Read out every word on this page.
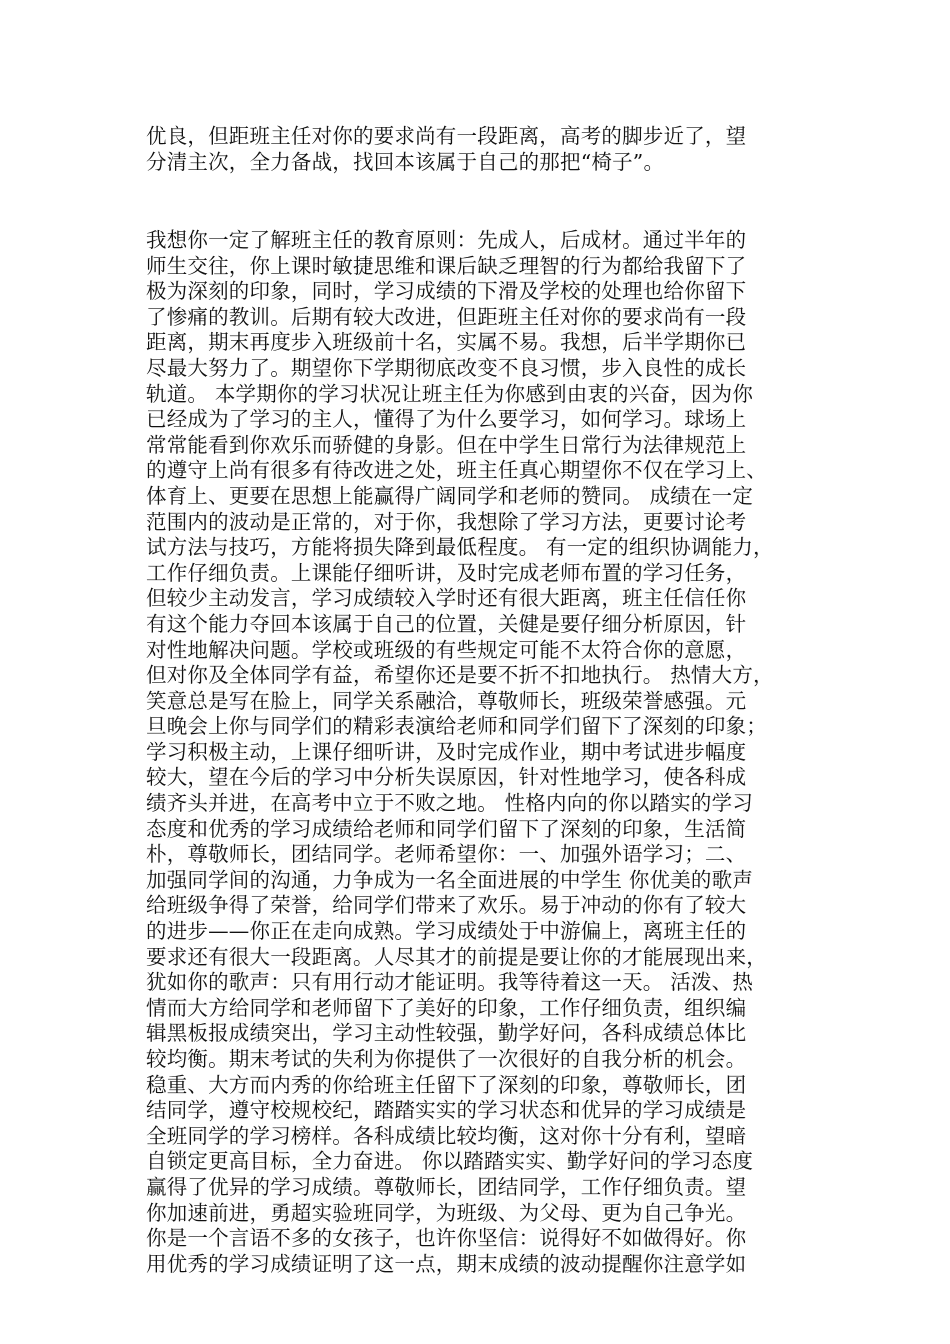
优良，但距班主任对你的要求尚有一段距离，高考的脚步近了，望
分清主次，全力备战，找回本该属于自己的那把“椅子”。
我想你一定了解班主任的教育原则：先成人，后成材。通过半年的
师生交往，你上课时敏捷思维和课后缺乏理智的行为都给我留下了
极为深刻的印象，同时，学习成绩的下滑及学校的处理也给你留下
了惨痛的教训。后期有较大改进，但距班主任对你的要求尚有一段
距离，期末再度步入班级前十名，实属不易。我想，后半学期你已
尽最大努力了。期望你下学期彻底改变不良习惯，步入良性的成长
轨道。 本学期你的学习状况让班主任为你感到由衷的兴奋，因为你
已经成为了学习的主人，懂得了为什么要学习，如何学习。球场上
常常能看到你欢乐而骄健的身影。但在中学生日常行为法律规范上
的遵守上尚有很多有待改进之处，班主任真心期望你不仅在学习上、
体育上、更要在思想上能赢得广阔同学和老师的赞同。 成绩在一定
范围内的波动是正常的，对于你，我想除了学习方法，更要讨论考
试方法与技巧，方能将损失降到最低程度。 有一定的组织协调能力，
工作仔细负责。上课能仔细听讲，及时完成老师布置的学习任务，
但较少主动发言，学习成绩较入学时还有很大距离，班主任信任你
有这个能力夺回本该属于自己的位置，关健是要仔细分析原因，针
对性地解决问题。学校或班级的有些规定可能不太符合你的意愿，
但对你及全体同学有益，希望你还是要不折不扣地执行。 热情大方，
笑意总是写在脸上，同学关系融洽，尊敬师长，班级荣誉感强。元
旦晚会上你与同学们的精彩表演给老师和同学们留下了深刻的印象；
学习积极主动，上课仔细听讲，及时完成作业，期中考试进步幅度
较大，望在今后的学习中分析失误原因，针对性地学习，使各科成
绩齐头并进，在高考中立于不败之地。 性格内向的你以踏实的学习
态度和优秀的学习成绩给老师和同学们留下了深刻的印象，生活简
朴，尊敬师长，团结同学。老师希望你：一、加强外语学习；二、
加强同学间的沟通，力争成为一名全面进展的中学生 你优美的歌声
给班级争得了荣誉，给同学们带来了欢乐。易于冲动的你有了较大
的进步——你正在走向成熟。学习成绩处于中游偏上，离班主任的
要求还有很大一段距离。人尽其才的前提是要让你的才能展现出来，
犹如你的歌声：只有用行动才能证明。我等待着这一天。 活泼、热
情而大方给同学和老师留下了美好的印象，工作仔细负责，组织编
辑黑板报成绩突出，学习主动性较强，勤学好问，各科成绩总体比
较均衡。期末考试的失利为你提供了一次很好的自我分析的机会。
稳重、大方而内秀的你给班主任留下了深刻的印象，尊敬师长，团
结同学，遵守校规校纪，踏踏实实的学习状态和优异的学习成绩是
全班同学的学习榜样。各科成绩比较均衡，这对你十分有利，望暗
自锁定更高目标，全力奋进。 你以踏踏实实、勤学好问的学习态度
赢得了优异的学习成绩。尊敬师长，团结同学，工作仔细负责。望
你加速前进，勇超实验班同学，为班级、为父母、更为自己争光。
你是一个言语不多的女孩子，也许你坚信：说得好不如做得好。你
用优秀的学习成绩证明了这一点，期末成绩的波动提醒你注意学如
